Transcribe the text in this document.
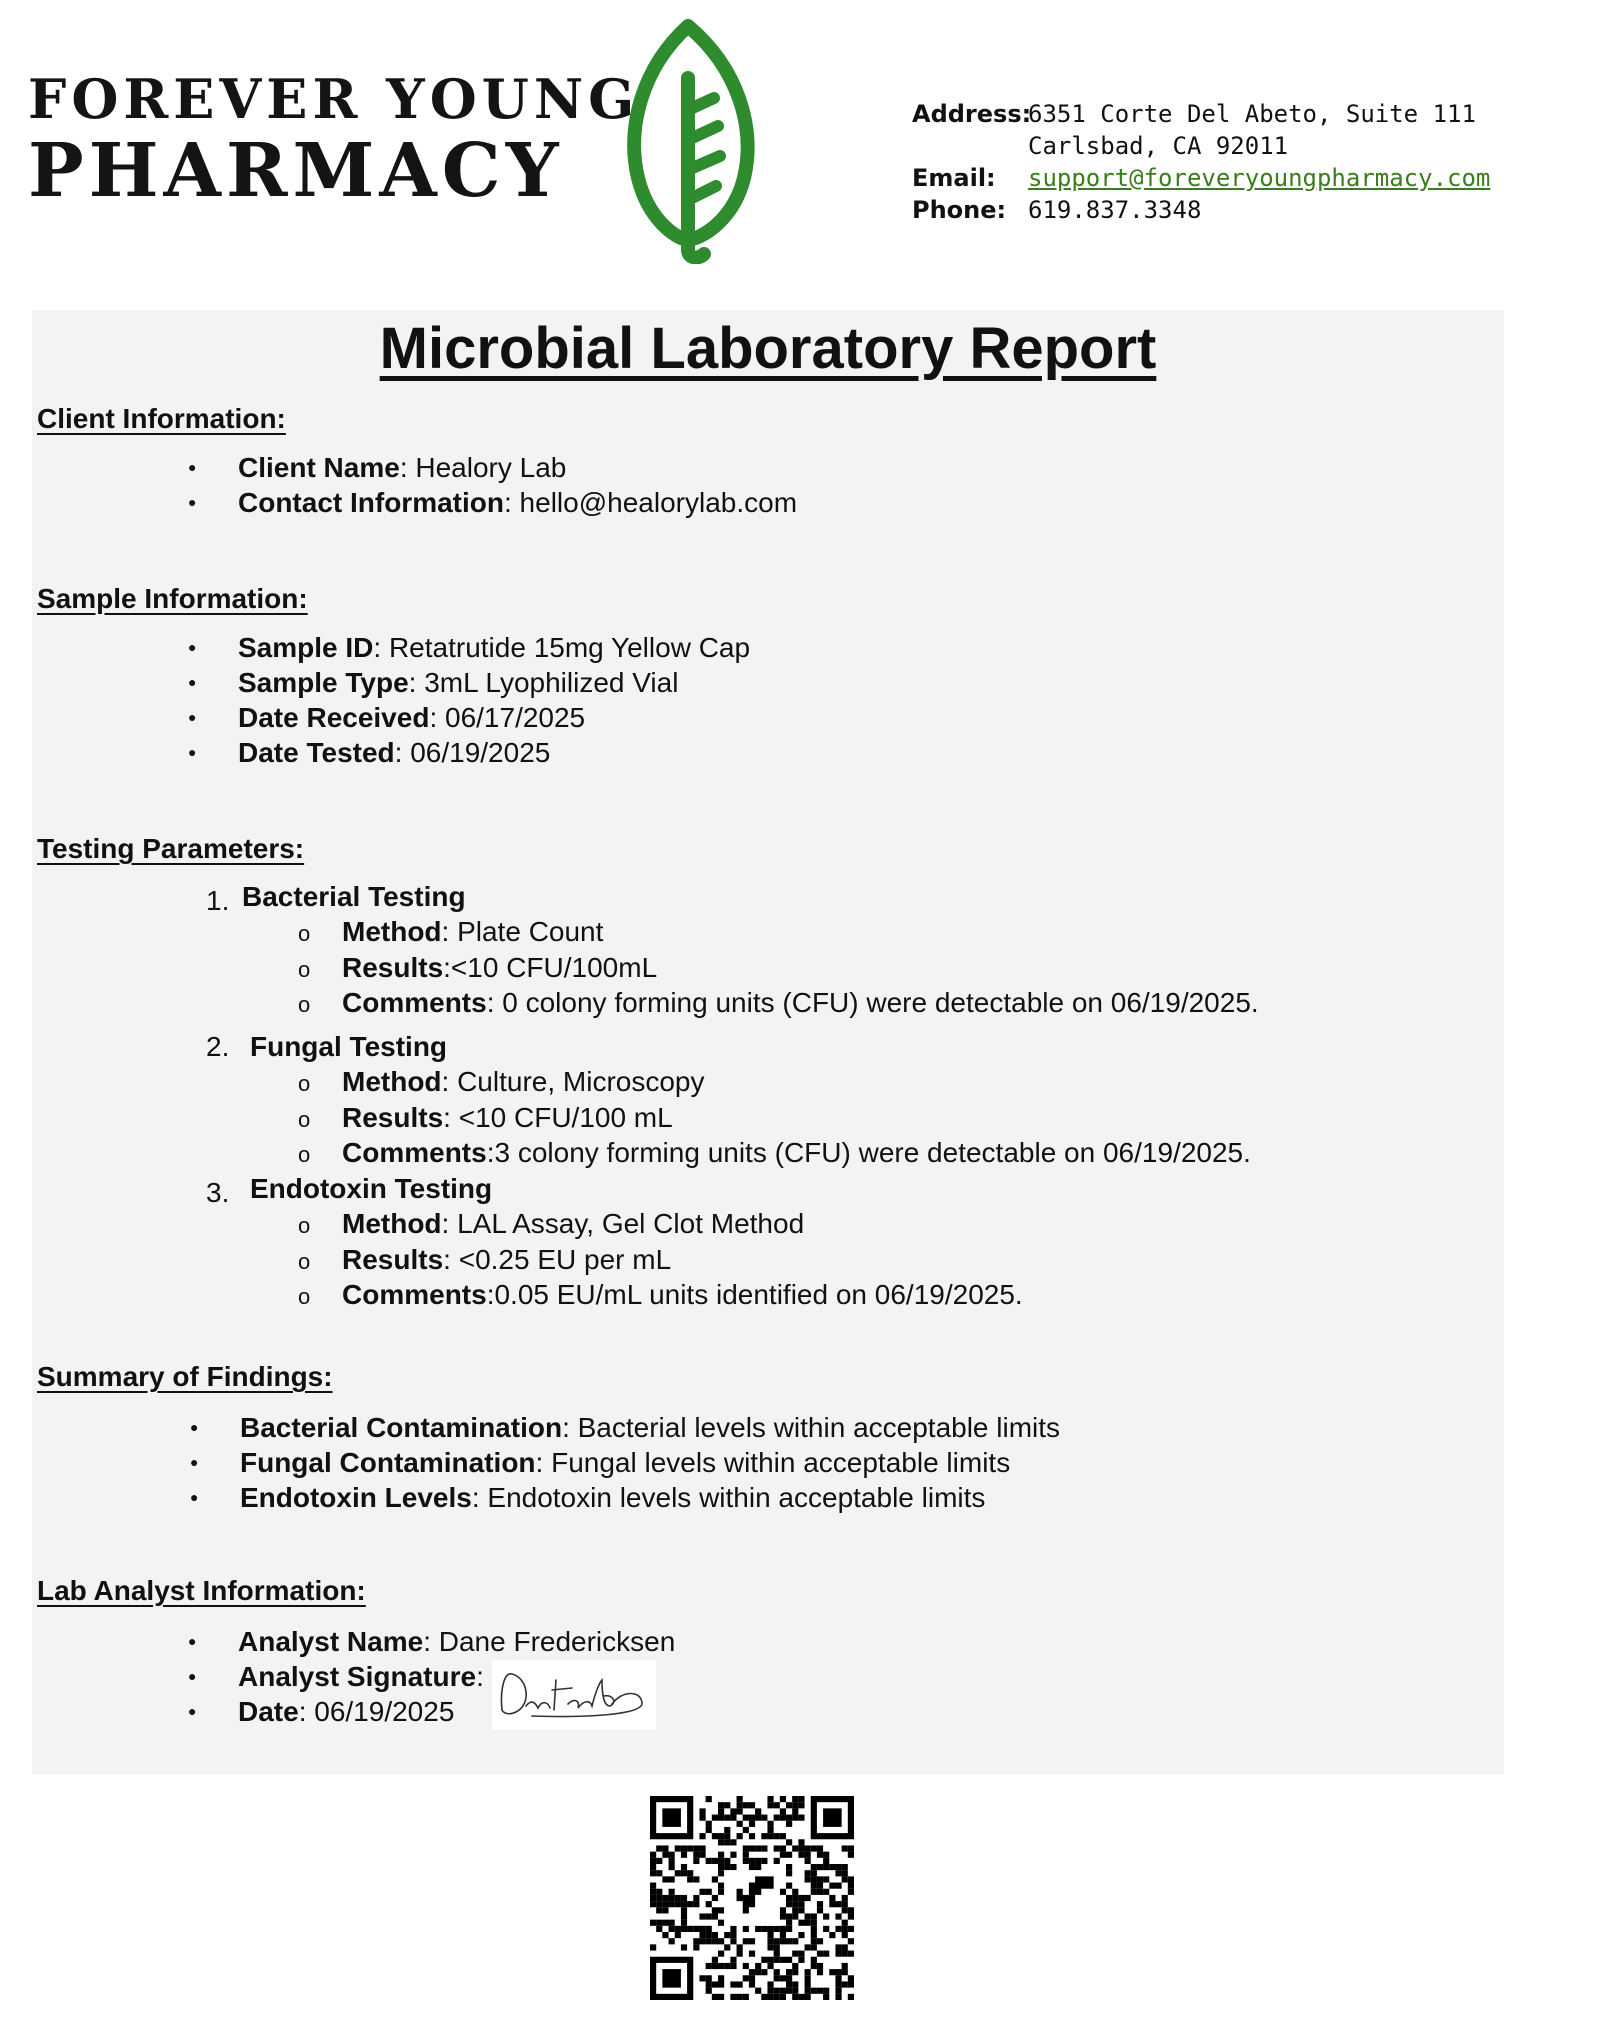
FOREVER YOUNG
PHARMACY
Address:6351 Corte Del Abeto, Suite 111
Carlsbad, CA 92011
Email: support@foreveryoungpharmacy.com
Phone: 619.837.3348
Microbial Laboratory Report
Client Information:
● Client Name: Healory Lab
● Contact Information: hello@healorylab.com
Sample Information:
● Sample ID: Retatrutide 15mg Yellow Cap
● Sample Type: 3mL Lyophilized Vial
● Date Received: 06/17/2025
● Date Tested: 06/19/2025
Testing Parameters:
1. Bacterial Testing
o Method: Plate Count
o Results:<10 CFU/100mL
o Comments: 0 colony forming units (CFU) were detectable on 06/19/2025.
2. Fungal Testing
o Method: Culture, Microscopy
o Results: <10 CFU/100 mL
o Comments:3 colony forming units (CFU) were detectable on 06/19/2025.
3. Endotoxin Testing
o Method: LAL Assay, Gel Clot Method
o Results: <0.25 EU per mL
o Comments:0.05 EU/mL units identified on 06/19/2025.
Summary of Findings:
● Bacterial Contamination: Bacterial levels within acceptable limits
● Fungal Contamination: Fungal levels within acceptable limits
● Endotoxin Levels: Endotoxin levels within acceptable limits
Lab Analyst Information:
● Analyst Name: Dane Fredericksen
● Analyst Signature:
● Date: 06/19/2025
